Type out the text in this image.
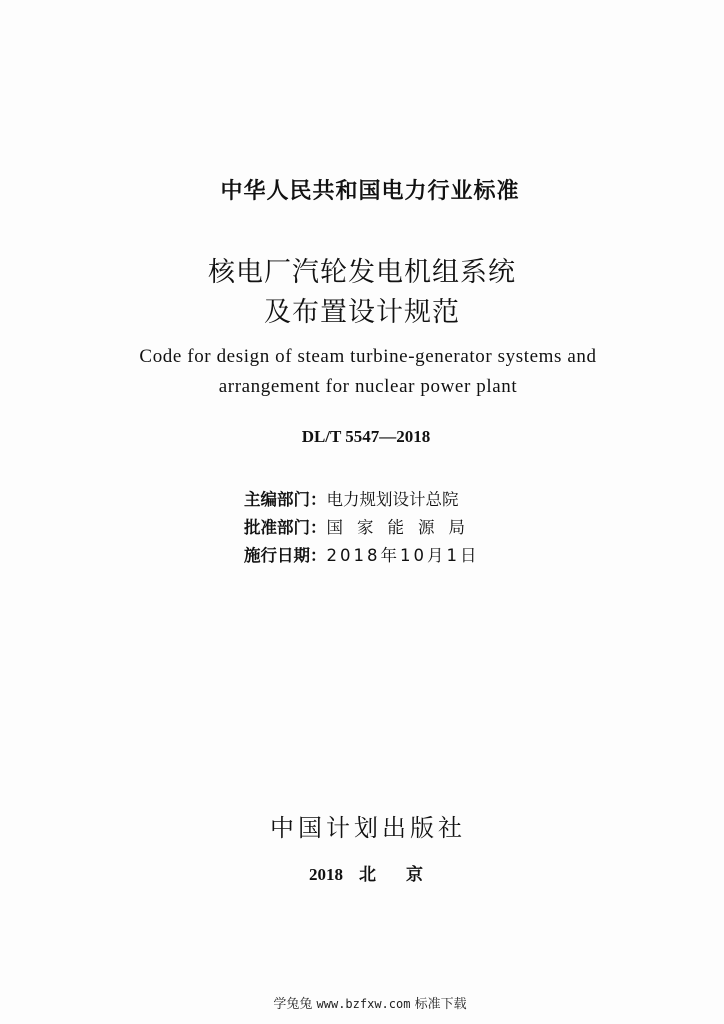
中华人民共和国电力行业标准
核电厂汽轮发电机组系统
及布置设计规范
Code for design of steam turbine-generator systems and
arrangement for nuclear power plant
DL/T 5547—2018
主编部门：电力规划设计总院
批准部门：国家能源局
施行日期：2018年10月1日
中国计划出版社
2018 北 京
学兔兔 www.bzfxw.com 标准下载
